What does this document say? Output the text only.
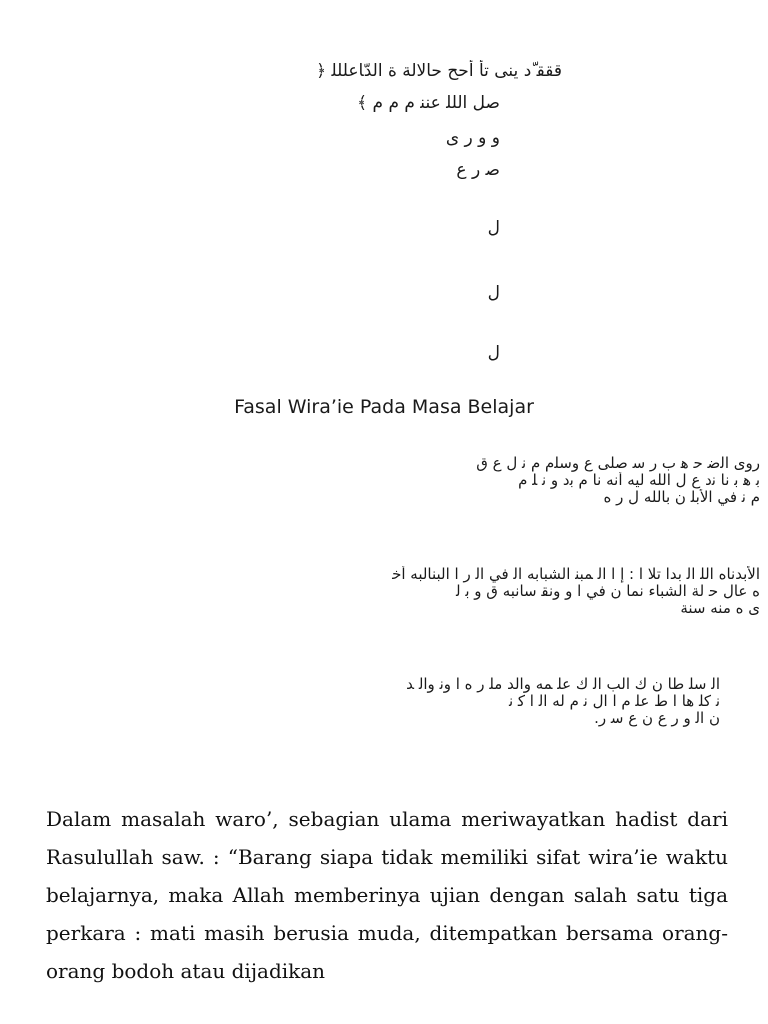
ﻗﻘﻘ ّﺩ ﻳﻨﻰ ﺗﺄ ﺃﺣﺢ ﺣﺎﻻﻟﺔ ﺓ ﺍﻟﺪّﺎﻋﻠﻠﻠ ﴿
ﺻﻞ ﺍﻟﻠﻠ ﻋﻨﻨ ﻡ ﻡ ﻡ ﴾
ﻭ ﻭ ﺭ ﻯ
ﺻ ﺭ ﻉ
ﻝ
ﻝ
ﻝ
Fasal Wira’ie Pada Masa Belajar
ﺭﻭﻯ ﺍﻟﺿ ﺣ ﻫ ﺏ ﺭ ﺳ ﺻﻠﻰ ﻉ ﻭﺳﻠﻡ ﻡ ﻧ ﻝ ﻉ ﻕ
ﺑ ﻫ ﺑ ﻧﺎ ﻧﺩ ﻉ ﻝ ﺍﻟﻠﻪ ﻟﻴﻪ ﺃﻧﻪ ﻧﺎ ﻡ ﺑﺩ ﻭ ﻧ ﻠ ﻡ
ﻡ ﻧ ﻓﻲ ﺍﻷﺑﻠ ﻥ ﺑﺎﻟﻠﻪ ﻝ ﺭ ﻩ
ﺍﻷﺑﺪﻧﺎﻩ ﺍﻟﻠ ﺍﻟ ﺑﺪﺍ ﺗﻼ ﺍ : ﺇ ﺍ ﺍﻟ ﻤﺒﻨ ﺍﻟﺸﺒﺎﺑﻪ ﺍﻟ ﻓﻲ ﺍﻟ ﺭ ﺍ ﺍﻟﺒﻨﺎﻟﺒﻪ ﺃﺧ
ﻩ ﻋﺎﻝ ﺣ ﻟﺔ ﺍﻟﺸﺒﺎﺀ ﻧﻤﺎ ﻥ ﻓﻲ ﺍ ﻭ ﻭﻧﻘ ﺳﺎﻧﺒﻪ ﻕ ﻭ ﺑ ﻟ
ﻯ ﻩ ﻣﻨﻪ ﺳﻨﺔ
ﺍﻟ ﺳﻠ ﻃﺎ ﻥ ﻙ ﺍﻟﺐ ﺍﻟ ﻙ ﻋﻠ ﻤﻪ ﻭﺍﻟﺪ ﻣﻠ ﺭ ﻩ ﺍ ﻭﻧ ﻭﺍﻟ ﺪ
ﻧ ﻛﻠ ﻫﺎ ﺍ ﻁ ﻋﻠ ﻡ ﺍ ﺍﻝ ﻧ ﻡ ﻟﻪ ﺍﻟ ﺍ ﻛ ﻧ
ﻥ ﺍﻟ ﻭ ﺭ ﻉ ﻥ ﻉ ﺳ ﺭ.
Dalam masalah waro’, sebagian ulama meriwayatkan hadist dari Rasulullah saw. : “Barang siapa tidak memiliki sifat wira’ie waktu belajarnya, maka Allah memberinya ujian dengan salah satu tiga perkara : mati masih berusia muda, ditempatkan bersama orang-orang bodoh atau dijadikan
